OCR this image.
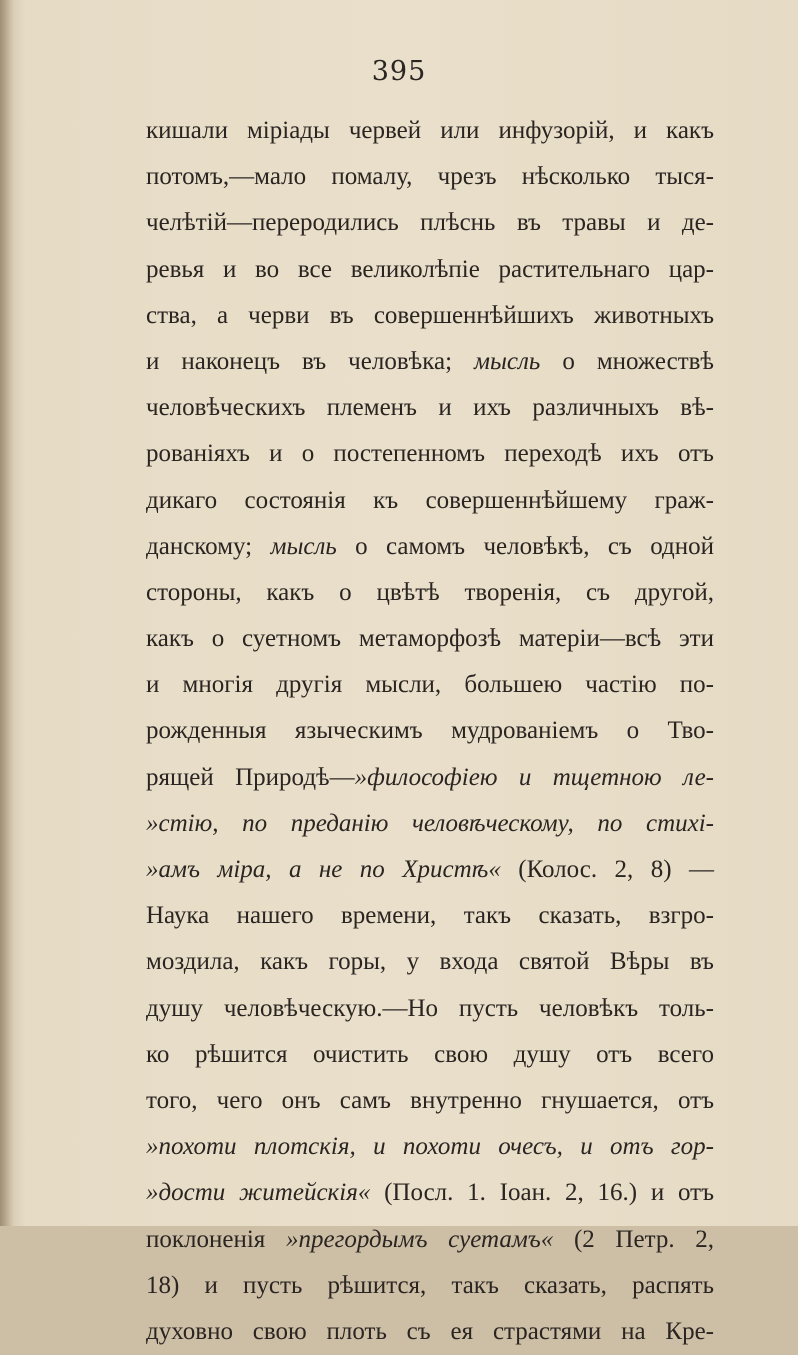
395
кишали міріады червей или инфузорій, и какъ
потомъ,—мало помалу, чрезъ нѣсколько тыся-
челѣтій—переродились плѣснь въ травы и де-
ревья и во все великолѣпіе растительнаго цар-
ства, а черви въ совершеннѣйшихъ животныхъ
и наконецъ въ человѣка; мысль о множествѣ
человѣческихъ племенъ и ихъ различныхъ вѣ-
рованіяхъ и о постепенномъ переходѣ ихъ отъ
дикаго состоянія къ совершеннѣйшему граж-
данскому; мысль о самомъ человѣкѣ, съ одной
стороны, какъ о цвѣтѣ творенія, съ другой,
какъ о суетномъ метаморфозѣ матеріи—всѣ эти
и многія другія мысли, большею частію по-
рожденныя языческимъ мудрованіемъ о Тво-
рящей Природѣ—»философіею и тщетною ле-
»стію, по преданію человѣческому, по стихі-
»амъ міра, а не по Христѣ« (Колос. 2, 8) —
Наука нашего времени, такъ сказать, взгро-
моздила, какъ горы, у входа святой Вѣры въ
душу человѣческую.—Но пусть человѣкъ толь-
ко рѣшится очистить свою душу отъ всего
того, чего онъ самъ внутренно гнушается, отъ
»похоти плотскія, и похоти очесъ, и отъ гор-
»дости житейскія« (Посл. 1. Іоан. 2, 16.) и отъ
поклоненія »прегордымъ суетамъ« (2 Петр. 2,
18) и пусть рѣшится, такъ сказать, распять
духовно свою плоть съ ея страстями на Кре-
